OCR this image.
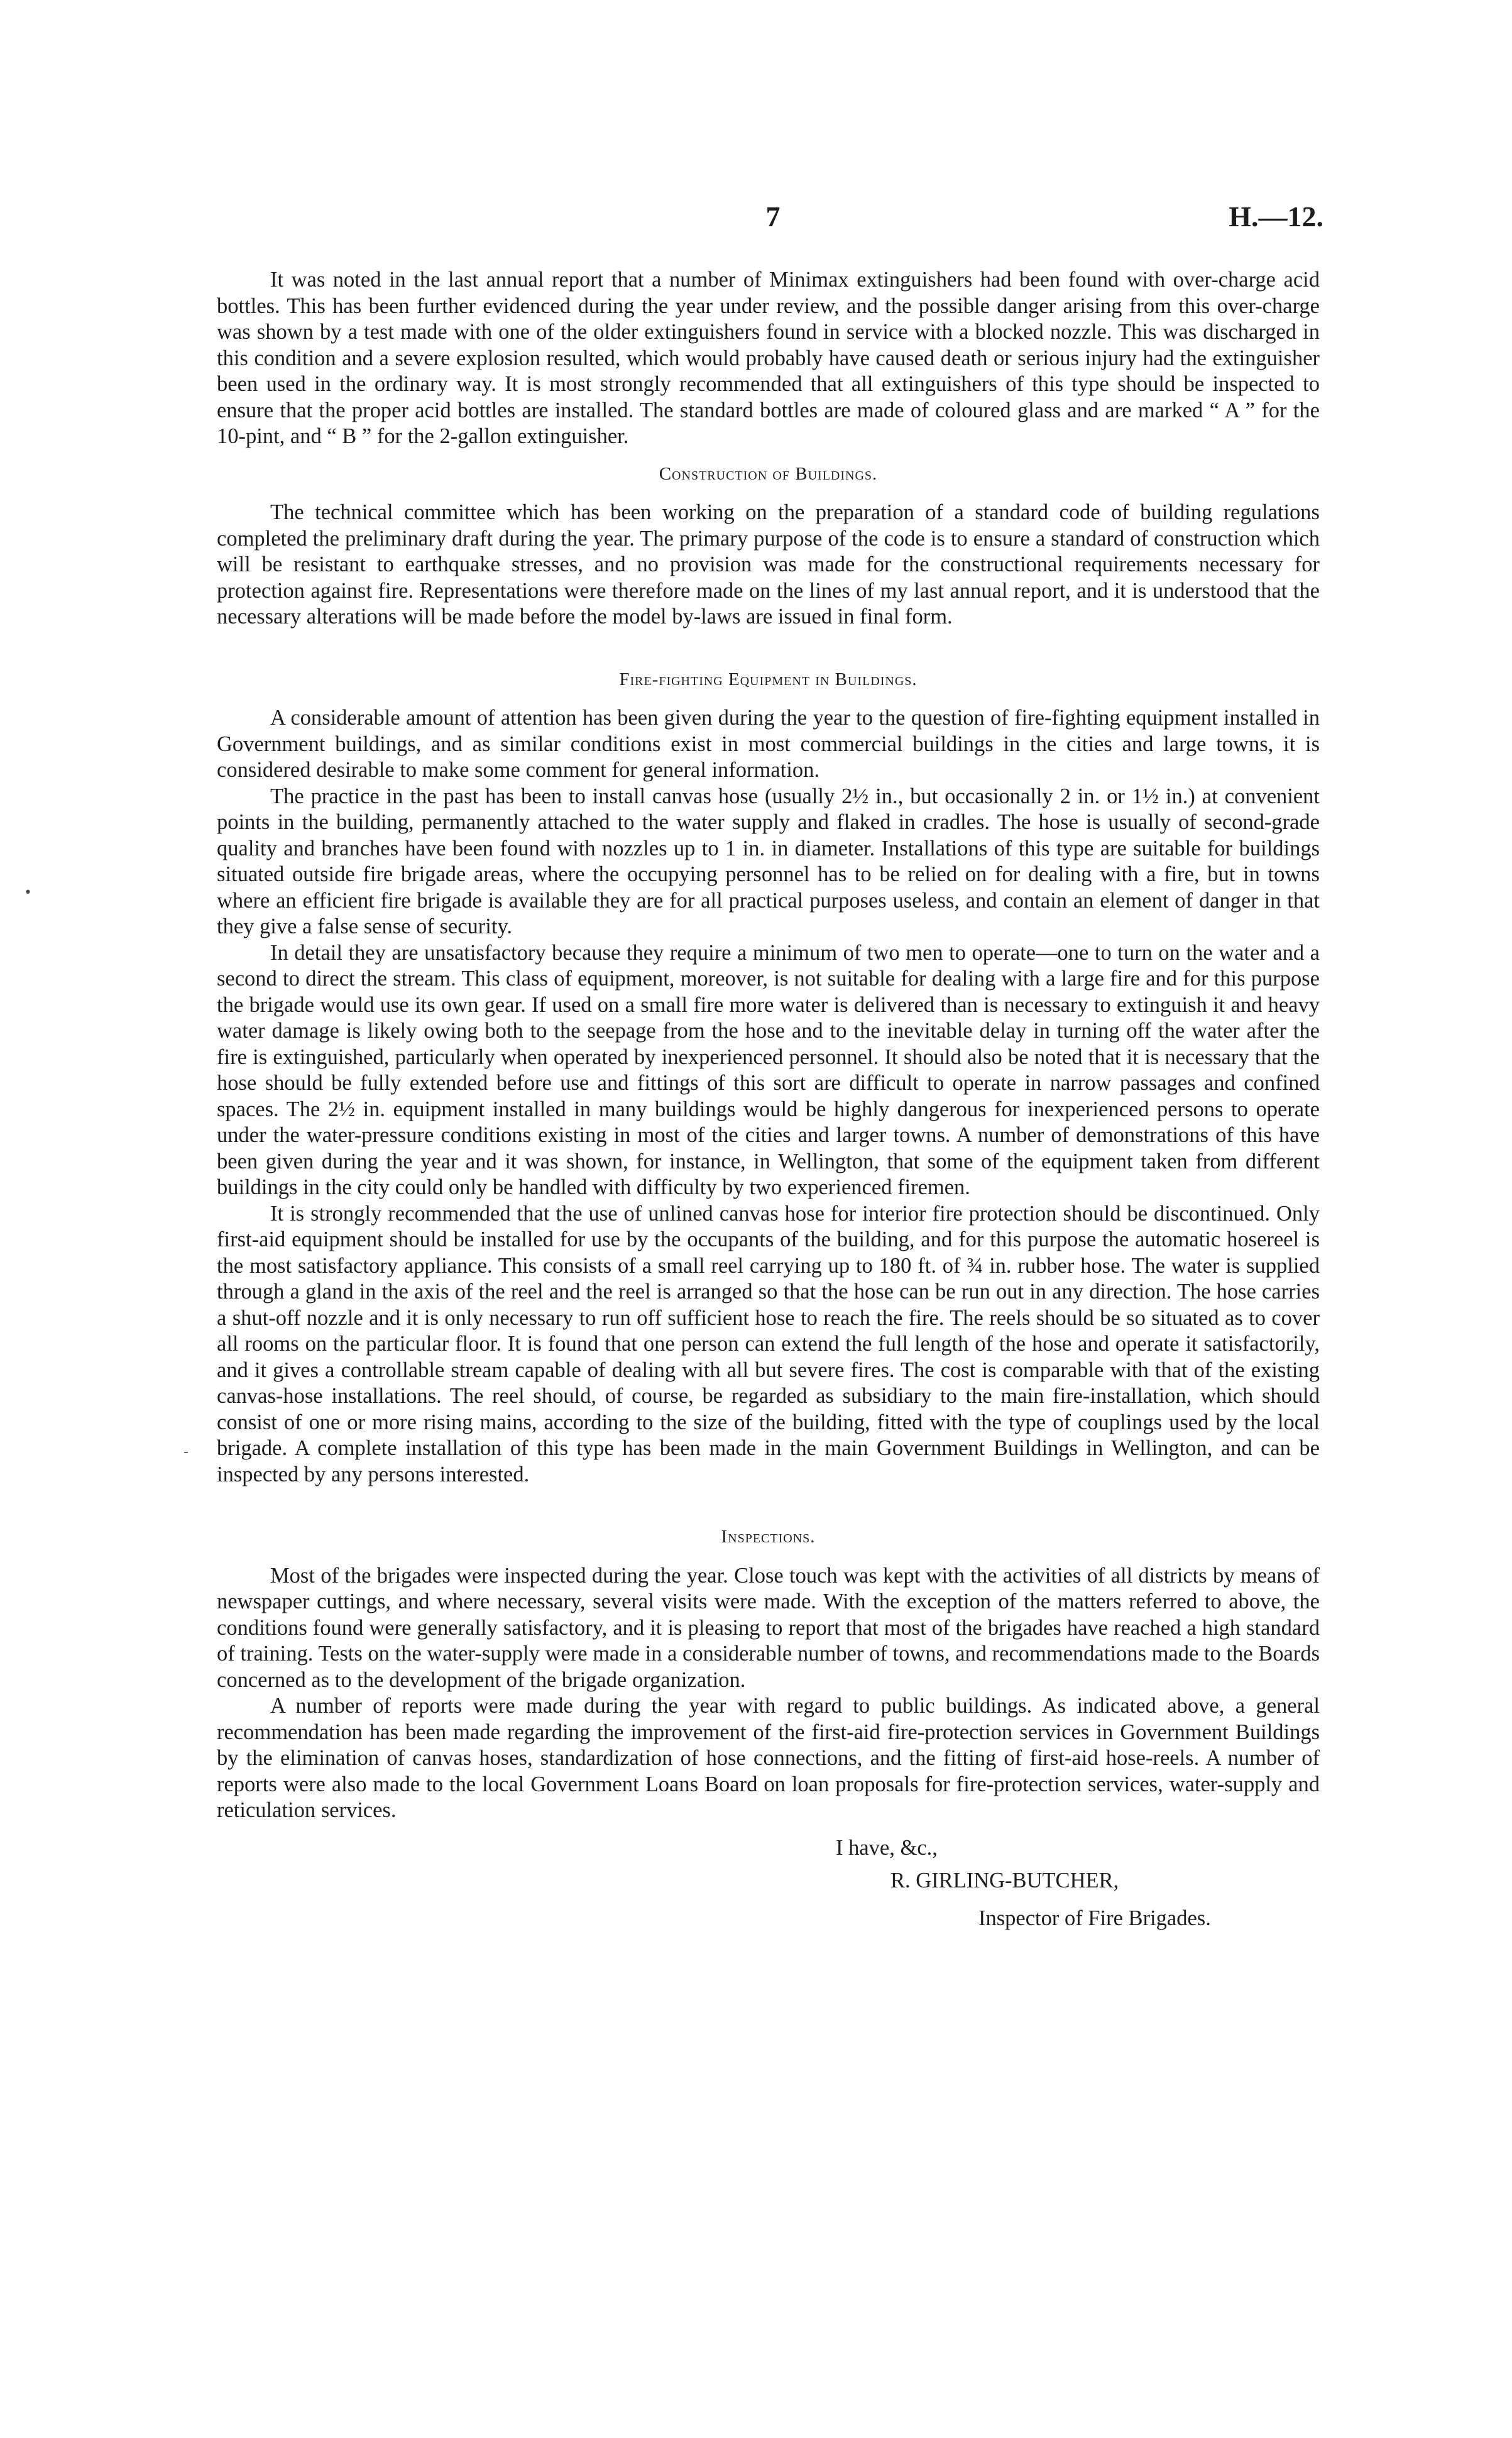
7	H.—12.
•
-

It was noted in the last annual report that a number of Minimax extinguishers had been found with over-charge acid bottles. This has been further evidenced during the year under review, and the possible danger arising from this over-charge was shown by a test made with one of the older extinguishers found in service with a blocked nozzle. This was discharged in this condition and a severe explosion resulted, which would probably have caused death or serious injury had the extinguisher been used in the ordinary way. It is most strongly recommended that all extinguishers of this type should be inspected to ensure that the proper acid bottles are installed. The standard bottles are made of coloured glass and are marked “ A ” for the 10-pint, and “ B ” for the 2-gallon extinguisher.

Construction of Buildings.

The technical committee which has been working on the preparation of a standard code of building regulations completed the preliminary draft during the year. The primary purpose of the code is to ensure a standard of construction which will be resistant to earthquake stresses, and no provision was made for the constructional requirements necessary for protection against fire. Representations were therefore made on the lines of my last annual report, and it is understood that the necessary alterations will be made before the model by-laws are issued in final form.

Fire-fighting Equipment in Buildings.

A considerable amount of attention has been given during the year to the question of fire-fighting equipment installed in Government buildings, and as similar conditions exist in most commercial buildings in the cities and large towns, it is considered desirable to make some comment for general information.

The practice in the past has been to install canvas hose (usually 2½ in., but occasionally 2 in. or 1½ in.) at convenient points in the building, permanently attached to the water supply and flaked in cradles. The hose is usually of second-grade quality and branches have been found with nozzles up to 1 in. in diameter. Installations of this type are suitable for buildings situated outside fire brigade areas, where the occupying personnel has to be relied on for dealing with a fire, but in towns where an efficient fire brigade is available they are for all practical purposes useless, and contain an element of danger in that they give a false sense of security.

In detail they are unsatisfactory because they require a minimum of two men to operate—one to turn on the water and a second to direct the stream. This class of equipment, moreover, is not suitable for dealing with a large fire and for this purpose the brigade would use its own gear. If used on a small fire more water is delivered than is necessary to extinguish it and heavy water damage is likely owing both to the seepage from the hose and to the inevitable delay in turning off the water after the fire is extinguished, particularly when operated by inexperienced personnel. It should also be noted that it is necessary that the hose should be fully extended before use and fittings of this sort are difficult to operate in narrow passages and confined spaces. The 2½ in. equipment installed in many buildings would be highly dangerous for inexperienced persons to operate under the water-pressure conditions existing in most of the cities and larger towns. A number of demonstrations of this have been given during the year and it was shown, for instance, in Wellington, that some of the equipment taken from different buildings in the city could only be handled with difficulty by two experienced firemen.

It is strongly recommended that the use of unlined canvas hose for interior fire protection should be discontinued. Only first-aid equipment should be installed for use by the occupants of the building, and for this purpose the automatic hosereel is the most satisfactory appliance. This consists of a small reel carrying up to 180 ft. of ¾ in. rubber hose. The water is supplied through a gland in the axis of the reel and the reel is arranged so that the hose can be run out in any direction. The hose carries a shut-off nozzle and it is only necessary to run off sufficient hose to reach the fire. The reels should be so situated as to cover all rooms on the particular floor. It is found that one person can extend the full length of the hose and operate it satisfactorily, and it gives a controllable stream capable of dealing with all but severe fires. The cost is comparable with that of the existing canvas-hose installations. The reel should, of course, be regarded as subsidiary to the main fire-installation, which should consist of one or more rising mains, according to the size of the building, fitted with the type of couplings used by the local brigade. A complete installation of this type has been made in the main Government Buildings in Wellington, and can be inspected by any persons interested.

Inspections.

Most of the brigades were inspected during the year. Close touch was kept with the activities of all districts by means of newspaper cuttings, and where necessary, several visits were made. With the exception of the matters referred to above, the conditions found were generally satisfactory, and it is pleasing to report that most of the brigades have reached a high standard of training. Tests on the water-supply were made in a considerable number of towns, and recommendations made to the Boards concerned as to the development of the brigade organization.

A number of reports were made during the year with regard to public buildings. As indicated above, a general recommendation has been made regarding the improvement of the first-aid fire-protection services in Government Buildings by the elimination of canvas hoses, standardization of hose connections, and the fitting of first-aid hose-reels. A number of reports were also made to the local Government Loans Board on loan proposals for fire-protection services, water-supply and reticulation services.

I have, &c.,
R. GIRLING-BUTCHER,
Inspector of Fire Brigades.
